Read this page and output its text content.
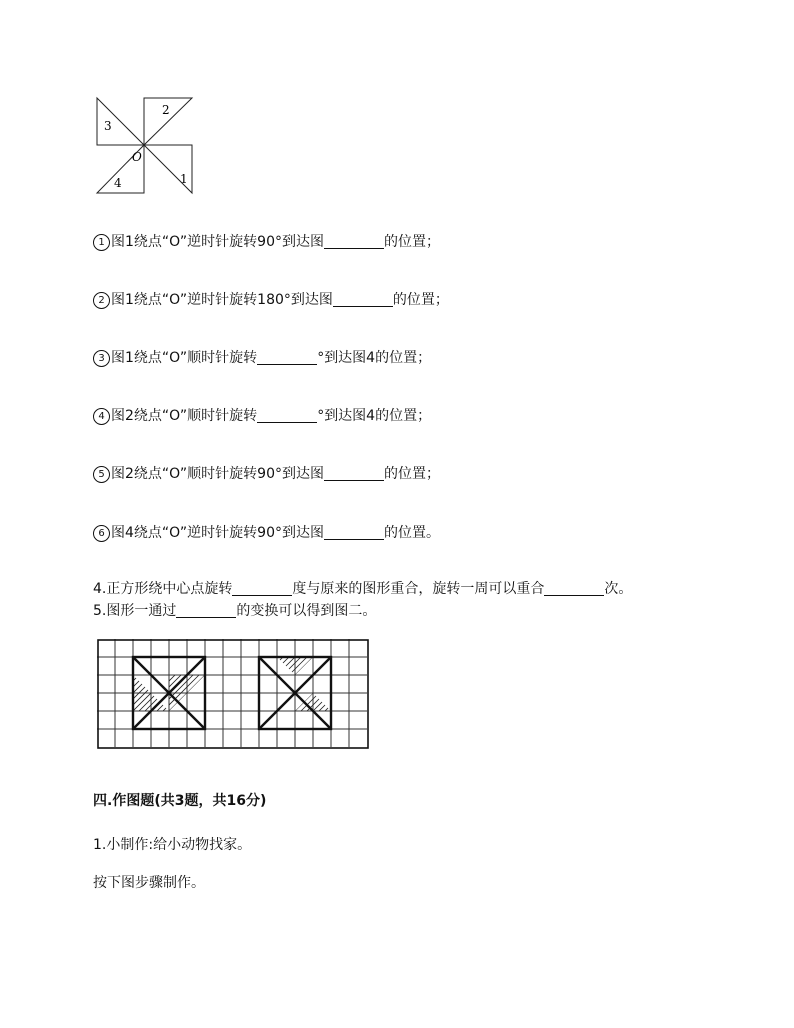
2
3
O
4	1
1 图1绕点“O”逆时针旋转90°到达图	的位置；
2 图1绕点“O”逆时针旋转180°到达图	的位置；
3 图1绕点“O”顺时针旋转	°到达图4的位置；
4 图2绕点“O”顺时针旋转	°到达图4的位置；
5 图2绕点“O”顺时针旋转90°到达图	的位置；
6 图4绕点“O”逆时针旋转90°到达图	的位置。
4.正方形绕中心点旋转	度与原来的图形重合，旋转一周可以重合	次。
5.图形一通过	的变换可以得到图二。
四.作图题(共3题，共16分)
1.小制作:给小动物找家。
按下图步骤制作。
